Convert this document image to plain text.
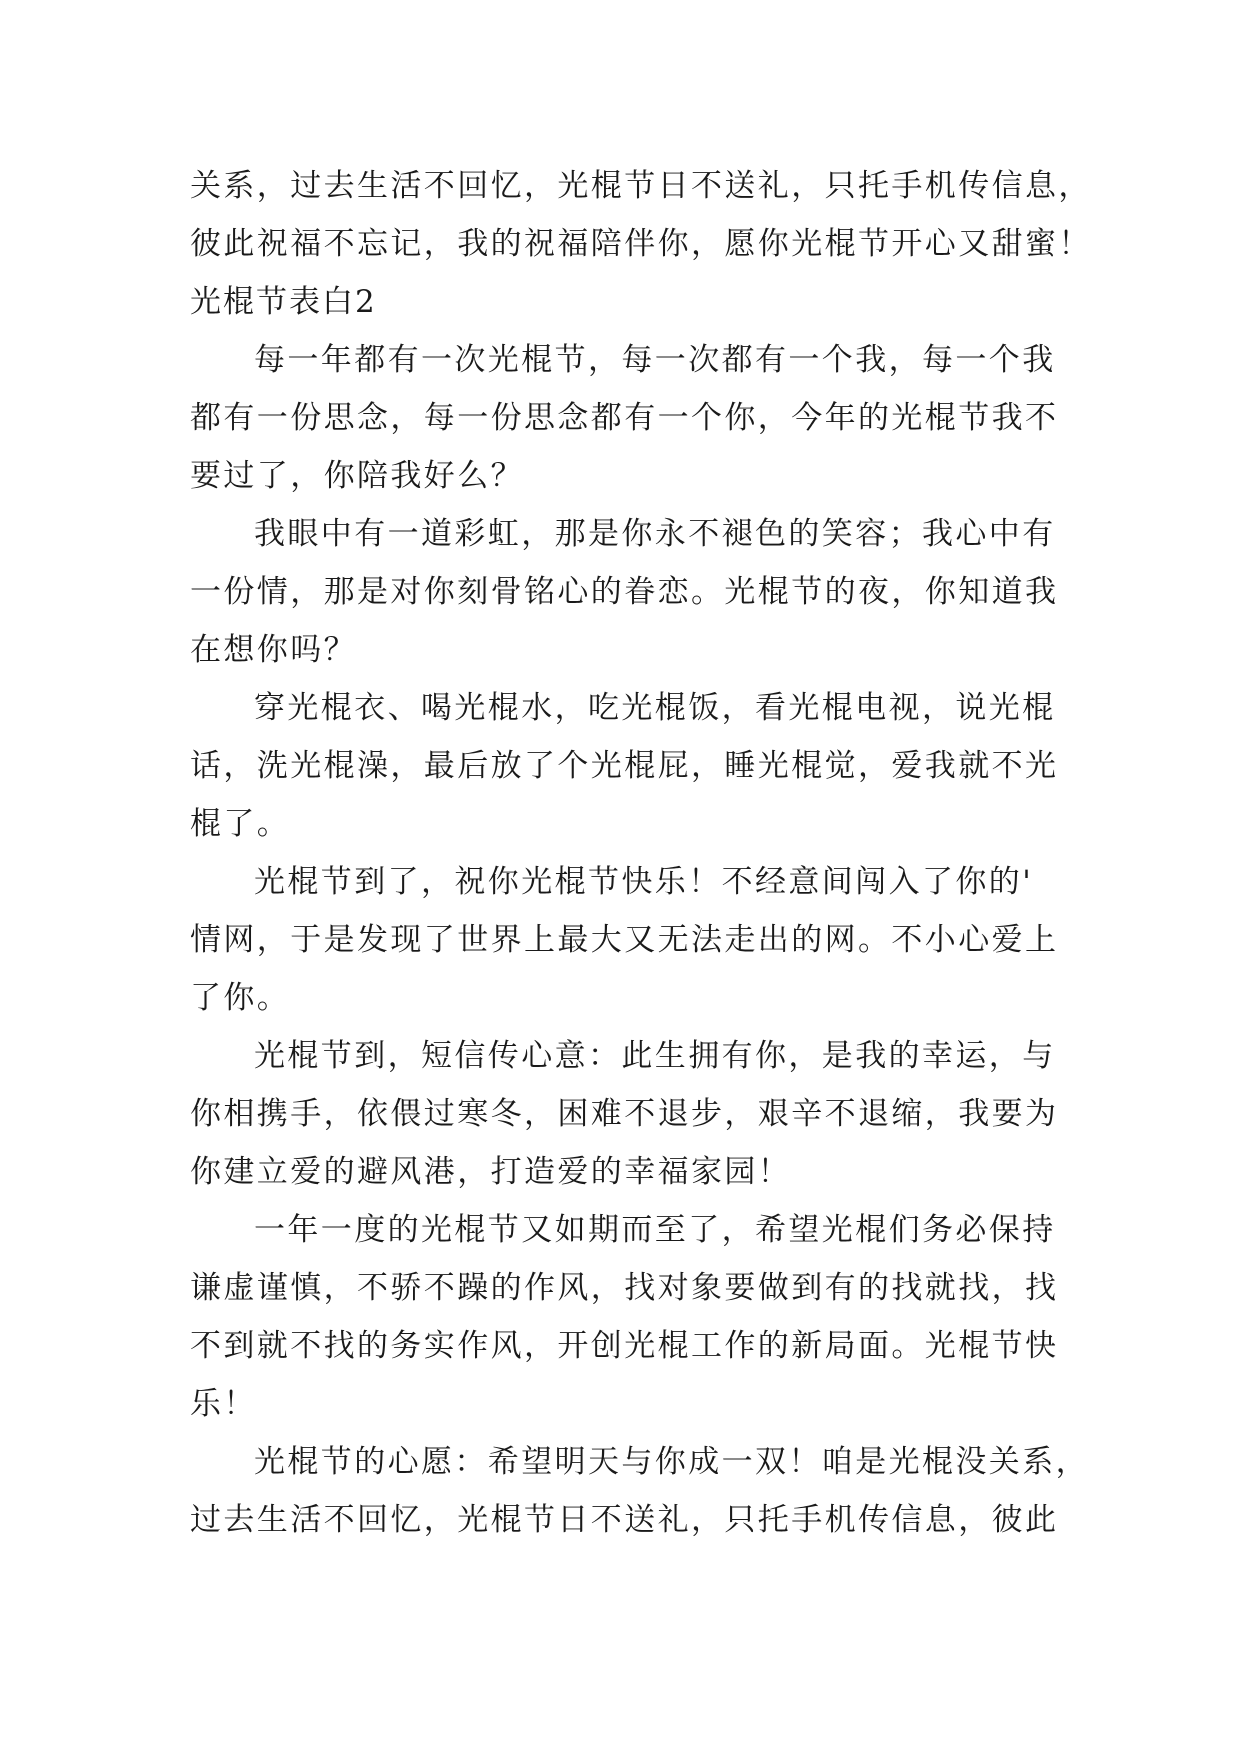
关系，过去生活不回忆，光棍节日不送礼，只托手机传信息，
彼此祝福不忘记，我的祝福陪伴你，愿你光棍节开心又甜蜜！
光棍节表白2
每一年都有一次光棍节，每一次都有一个我，每一个我
都有一份思念，每一份思念都有一个你，今年的光棍节我不
要过了，你陪我好么？
我眼中有一道彩虹，那是你永不褪色的笑容；我心中有
一份情，那是对你刻骨铭心的眷恋。光棍节的夜，你知道我
在想你吗？
穿光棍衣、喝光棍水，吃光棍饭，看光棍电视，说光棍
话，洗光棍澡，最后放了个光棍屁，睡光棍觉，爱我就不光
棍了。
光棍节到了，祝你光棍节快乐！不经意间闯入了你的'
情网，于是发现了世界上最大又无法走出的网。不小心爱上
了你。
光棍节到，短信传心意：此生拥有你，是我的幸运，与
你相携手，依偎过寒冬，困难不退步，艰辛不退缩，我要为
你建立爱的避风港，打造爱的幸福家园！
一年一度的光棍节又如期而至了，希望光棍们务必保持
谦虚谨慎，不骄不躁的作风，找对象要做到有的找就找，找
不到就不找的务实作风，开创光棍工作的新局面。光棍节快
乐！
光棍节的心愿：希望明天与你成一双！咱是光棍没关系，
过去生活不回忆，光棍节日不送礼，只托手机传信息，彼此
